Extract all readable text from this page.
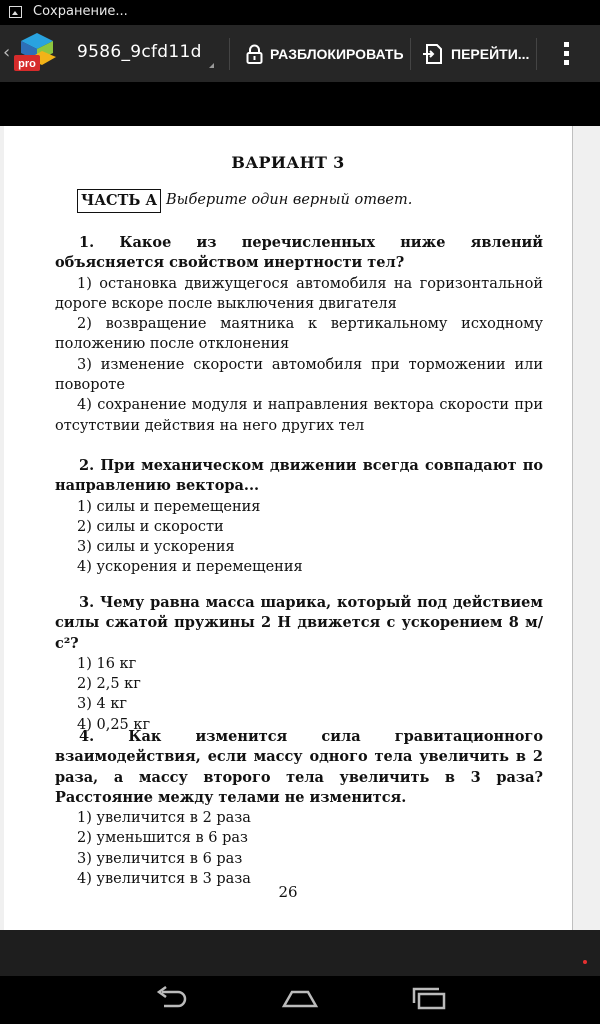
Сохранение...
‹
pro
9586_9cfd11d	РАЗБЛОКИРОВАТЬ	ПЕРЕЙТИ...
ВАРИАНТ 3
ЧАСТЬ А Выберите один верный ответ.
1. Какое из перечисленных ниже явлений объясняется свойством инертности тел?
1) остановка движущегося автомобиля на горизонтальной дороге вскоре после выключения двигателя
2) возвращение маятника к вертикальному исходному положению после отклонения
3) изменение скорости автомобиля при торможении или повороте
4) сохранение модуля и направления вектора скорости при отсутствии действия на него других тел
2. При механическом движении всегда совпадают по направлению вектора...
1) силы и перемещения
2) силы и скорости
3) силы и ускорения
4) ускорения и перемещения
3. Чему равна масса шарика, который под действием силы сжатой пружины 2 Н движется с ускорением 8 м/с²?
1) 16 кг
2) 2,5 кг
3) 4 кг
4) 0,25 кг
4. Как изменится сила гравитационного взаимодействия, если массу одного тела увеличить в 2 раза, а массу второго тела увеличить в 3 раза? Расстояние между телами не изменится.
1) увеличится в 2 раза
2) уменьшится в 6 раз
3) увеличится в 6 раз
4) увеличится в 3 раза
26
